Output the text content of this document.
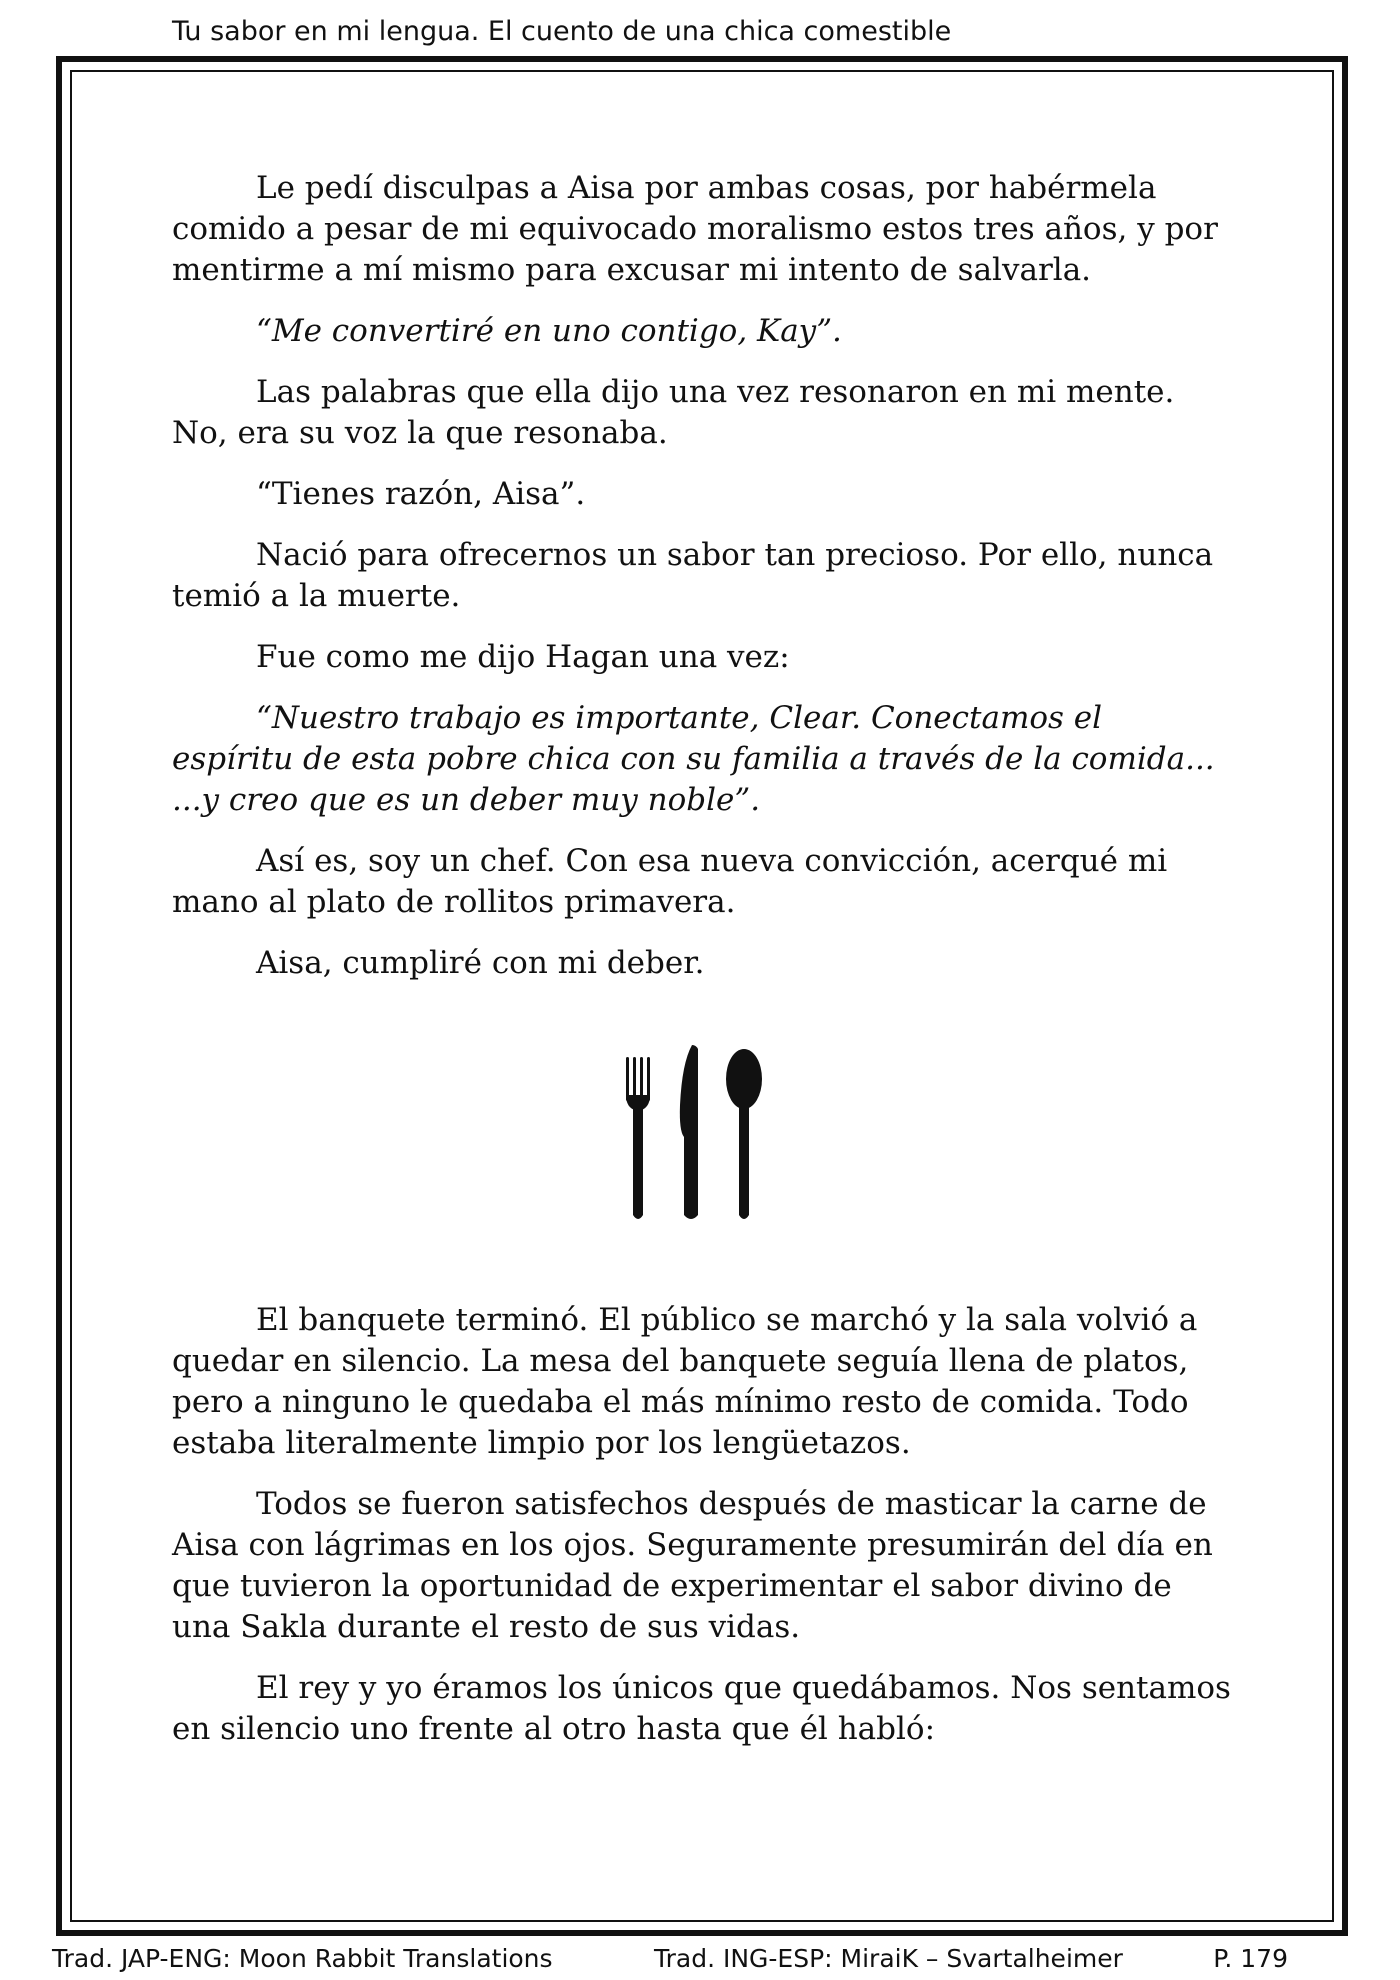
Tu sabor en mi lengua. El cuento de una chica comestible

Le pedí disculpas a Aisa por ambas cosas, por habérmela comido a pesar de mi equivocado moralismo estos tres años, y por mentirme a mí mismo para excusar mi intento de salvarla.

“Me convertiré en uno contigo, Kay”.

Las palabras que ella dijo una vez resonaron en mi mente. No, era su voz la que resonaba.

“Tienes razón, Aisa”.

Nació para ofrecernos un sabor tan precioso. Por ello, nunca temió a la muerte.

Fue como me dijo Hagan una vez:

“Nuestro trabajo es importante, Clear. Conectamos el espíritu de esta pobre chica con su familia a través de la comida... ...y creo que es un deber muy noble”.

Así es, soy un chef. Con esa nueva convicción, acerqué mi mano al plato de rollitos primavera.

Aisa, cumpliré con mi deber.

El banquete terminó. El público se marchó y la sala volvió a quedar en silencio. La mesa del banquete seguía llena de platos, pero a ninguno le quedaba el más mínimo resto de comida. Todo estaba literalmente limpio por los lengüetazos.

Todos se fueron satisfechos después de masticar la carne de Aisa con lágrimas en los ojos. Seguramente presumirán del día en que tuvieron la oportunidad de experimentar el sabor divino de una Sakla durante el resto de sus vidas.

El rey y yo éramos los únicos que quedábamos. Nos sentamos en silencio uno frente al otro hasta que él habló:

Trad. JAP-ENG: Moon Rabbit Translations	Trad. ING-ESP: MiraiK – Svartalheimer	P. 179
